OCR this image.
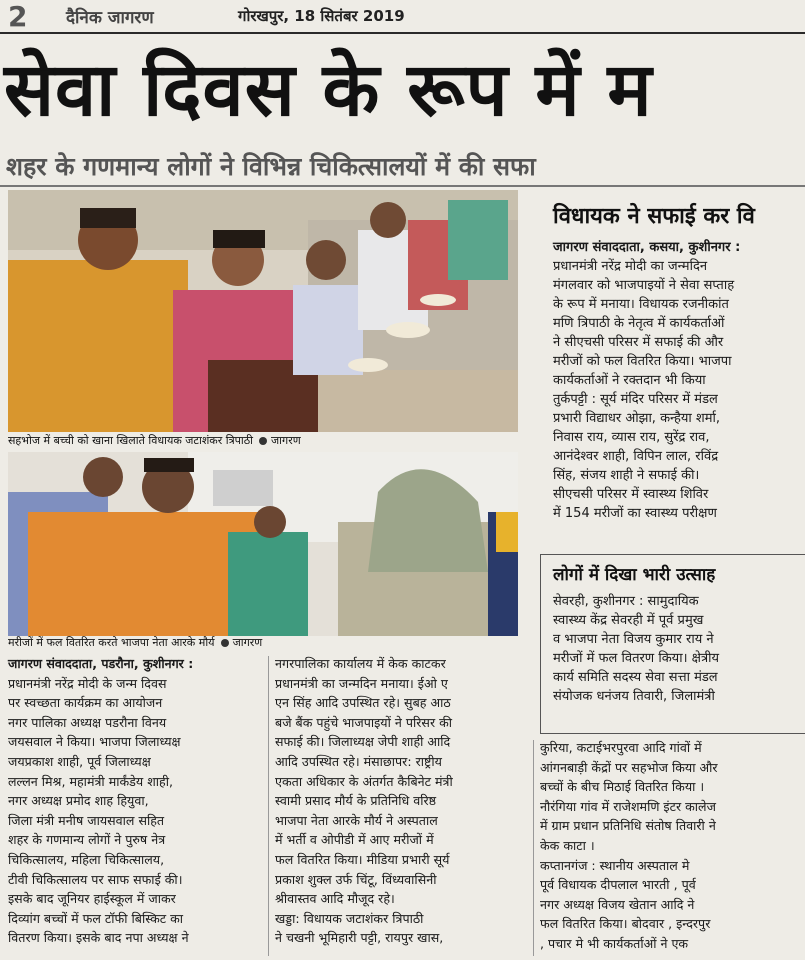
2 दैनिक जागरण	गोरखपुर, 18 सितंबर 2019
सेवा दिवस के रूप में म
शहर के गणमान्य लोगों ने विभिन्न चिकित्सालयों में की सफा
सहभोज में बच्ची को खाना खिलाते विधायक जटाशंकर त्रिपाठी जागरण
मरीजों में फल वितरित करते भाजपा नेता आरके मौर्य जागरण
विधायक ने सफाई कर वि
जागरण संवाददाता, कसया, कुशीनगर :
प्रधानमंत्री नरेंद्र मोदी का जन्मदिन
मंगलवार को भाजपाइयों ने सेवा सप्ताह
के रूप में मनाया। विधायक रजनीकांत
मणि त्रिपाठी के नेतृत्व में कार्यकर्ताओं
ने सीएचसी परिसर में सफाई की और
मरीजों को फल वितरित किया। भाजपा
कार्यकर्ताओं ने रक्तदान भी किया
तुर्कपट्टी : सूर्य मंदिर परिसर में मंडल
प्रभारी विद्याधर ओझा, कन्हैया शर्मा,
निवास राय, व्यास राय, सुरेंद्र राव,
आनंदेश्वर शाही, विपिन लाल, रविंद्र
सिंह, संजय शाही ने सफाई की।
सीएचसी परिसर में स्वास्थ्य शिविर
में 154 मरीजों का स्वास्थ्य परीक्षण
लोगों में दिखा भारी उत्साह
सेवरही, कुशीनगर : सामुदायिक
स्वास्थ्य केंद्र सेवरही में पूर्व प्रमुख
व भाजपा नेता विजय कुमार राय ने
मरीजों में फल वितरण किया। क्षेत्रीय
कार्य समिति सदस्य सेवा सत्ता मंडल
संयोजक धनंजय तिवारी, जिलामंत्री
जागरण संवाददाता, पडरौना, कुशीनगर :
प्रधानमंत्री नरेंद्र मोदी के जन्म दिवस
पर स्वच्छता कार्यक्रम का आयोजन
नगर पालिका अध्यक्ष पडरौना विनय
जयसवाल ने किया। भाजपा जिलाध्यक्ष
जयप्रकाश शाही, पूर्व जिलाध्यक्ष
लल्लन मिश्र, महामंत्री मार्कंडेय शाही,
नगर अध्यक्ष प्रमोद शाह हियुवा,
जिला मंत्री मनीष जायसवाल सहित
शहर के गणमान्य लोगों ने पुरुष नेत्र
चिकित्सालय, महिला चिकित्सालय,
टीवी चिकित्सालय पर साफ सफाई की।
इसके बाद जूनियर हाईस्कूल में जाकर
दिव्यांग बच्चों में फल टॉफी बिस्किट का
वितरण किया। इसके बाद नपा अध्यक्ष ने
नगरपालिका कार्यालय में केक काटकर
प्रधानमंत्री का जन्मदिन मनाया। ईओ ए
एन सिंह आदि उपस्थित रहे। सुबह आठ
बजे बैंक पहुंचे भाजपाइयों ने परिसर की
सफाई की। जिलाध्यक्ष जेपी शाही आदि
आदि उपस्थित रहे। मंसाछापर: राष्ट्रीय
एकता अधिकार के अंतर्गत कैबिनेट मंत्री
स्वामी प्रसाद मौर्य के प्रतिनिधि वरिष्ठ
भाजपा नेता आरके मौर्य ने अस्पताल
में भर्ती व ओपीडी में आए मरीजों में
फल वितरित किया। मीडिया प्रभारी सूर्य
प्रकाश शुक्ल उर्फ चिंटू, विंध्यवासिनी
श्रीवास्तव आदि मौजूद रहे।
खड्डा: विधायक जटाशंकर त्रिपाठी
ने चखनी भूमिहारी पट्टी, रायपुर खास,
कुरिया, कटाईभरपुरवा आदि गांवों में
आंगनबाड़ी केंद्रों पर सहभोज किया और
बच्चों के बीच मिठाई वितरित किया ।
नौरंगिया गांव में राजेशमणि इंटर कालेज
में ग्राम प्रधान प्रतिनिधि संतोष तिवारी ने
केक काटा ।
कप्तानगंज : स्थानीय अस्पताल मे
पूर्व विधायक दीपलाल भारती , पूर्व
नगर अध्यक्ष विजय खेतान आदि ने
फल वितरित किया। बोदवार , इन्दरपुर
, पचार मे भी कार्यकर्ताओं ने एक
